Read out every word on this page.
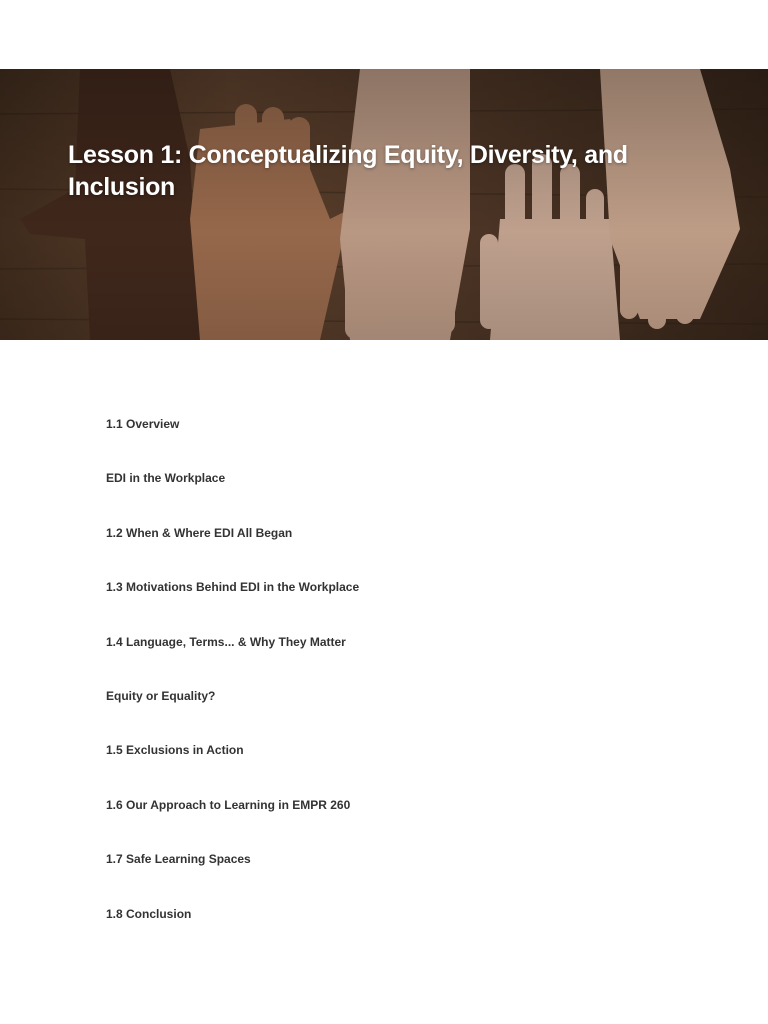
Lesson 1: Conceptualizing Equity, Diversity, and Inclusion
1.1 Overview
EDI in the Workplace
1.2 When & Where EDI All Began
1.3 Motivations Behind EDI in the Workplace
1.4 Language, Terms... & Why They Matter
Equity or Equality?
1.5 Exclusions in Action
1.6 Our Approach to Learning in EMPR 260
1.7 Safe Learning Spaces
1.8 Conclusion
